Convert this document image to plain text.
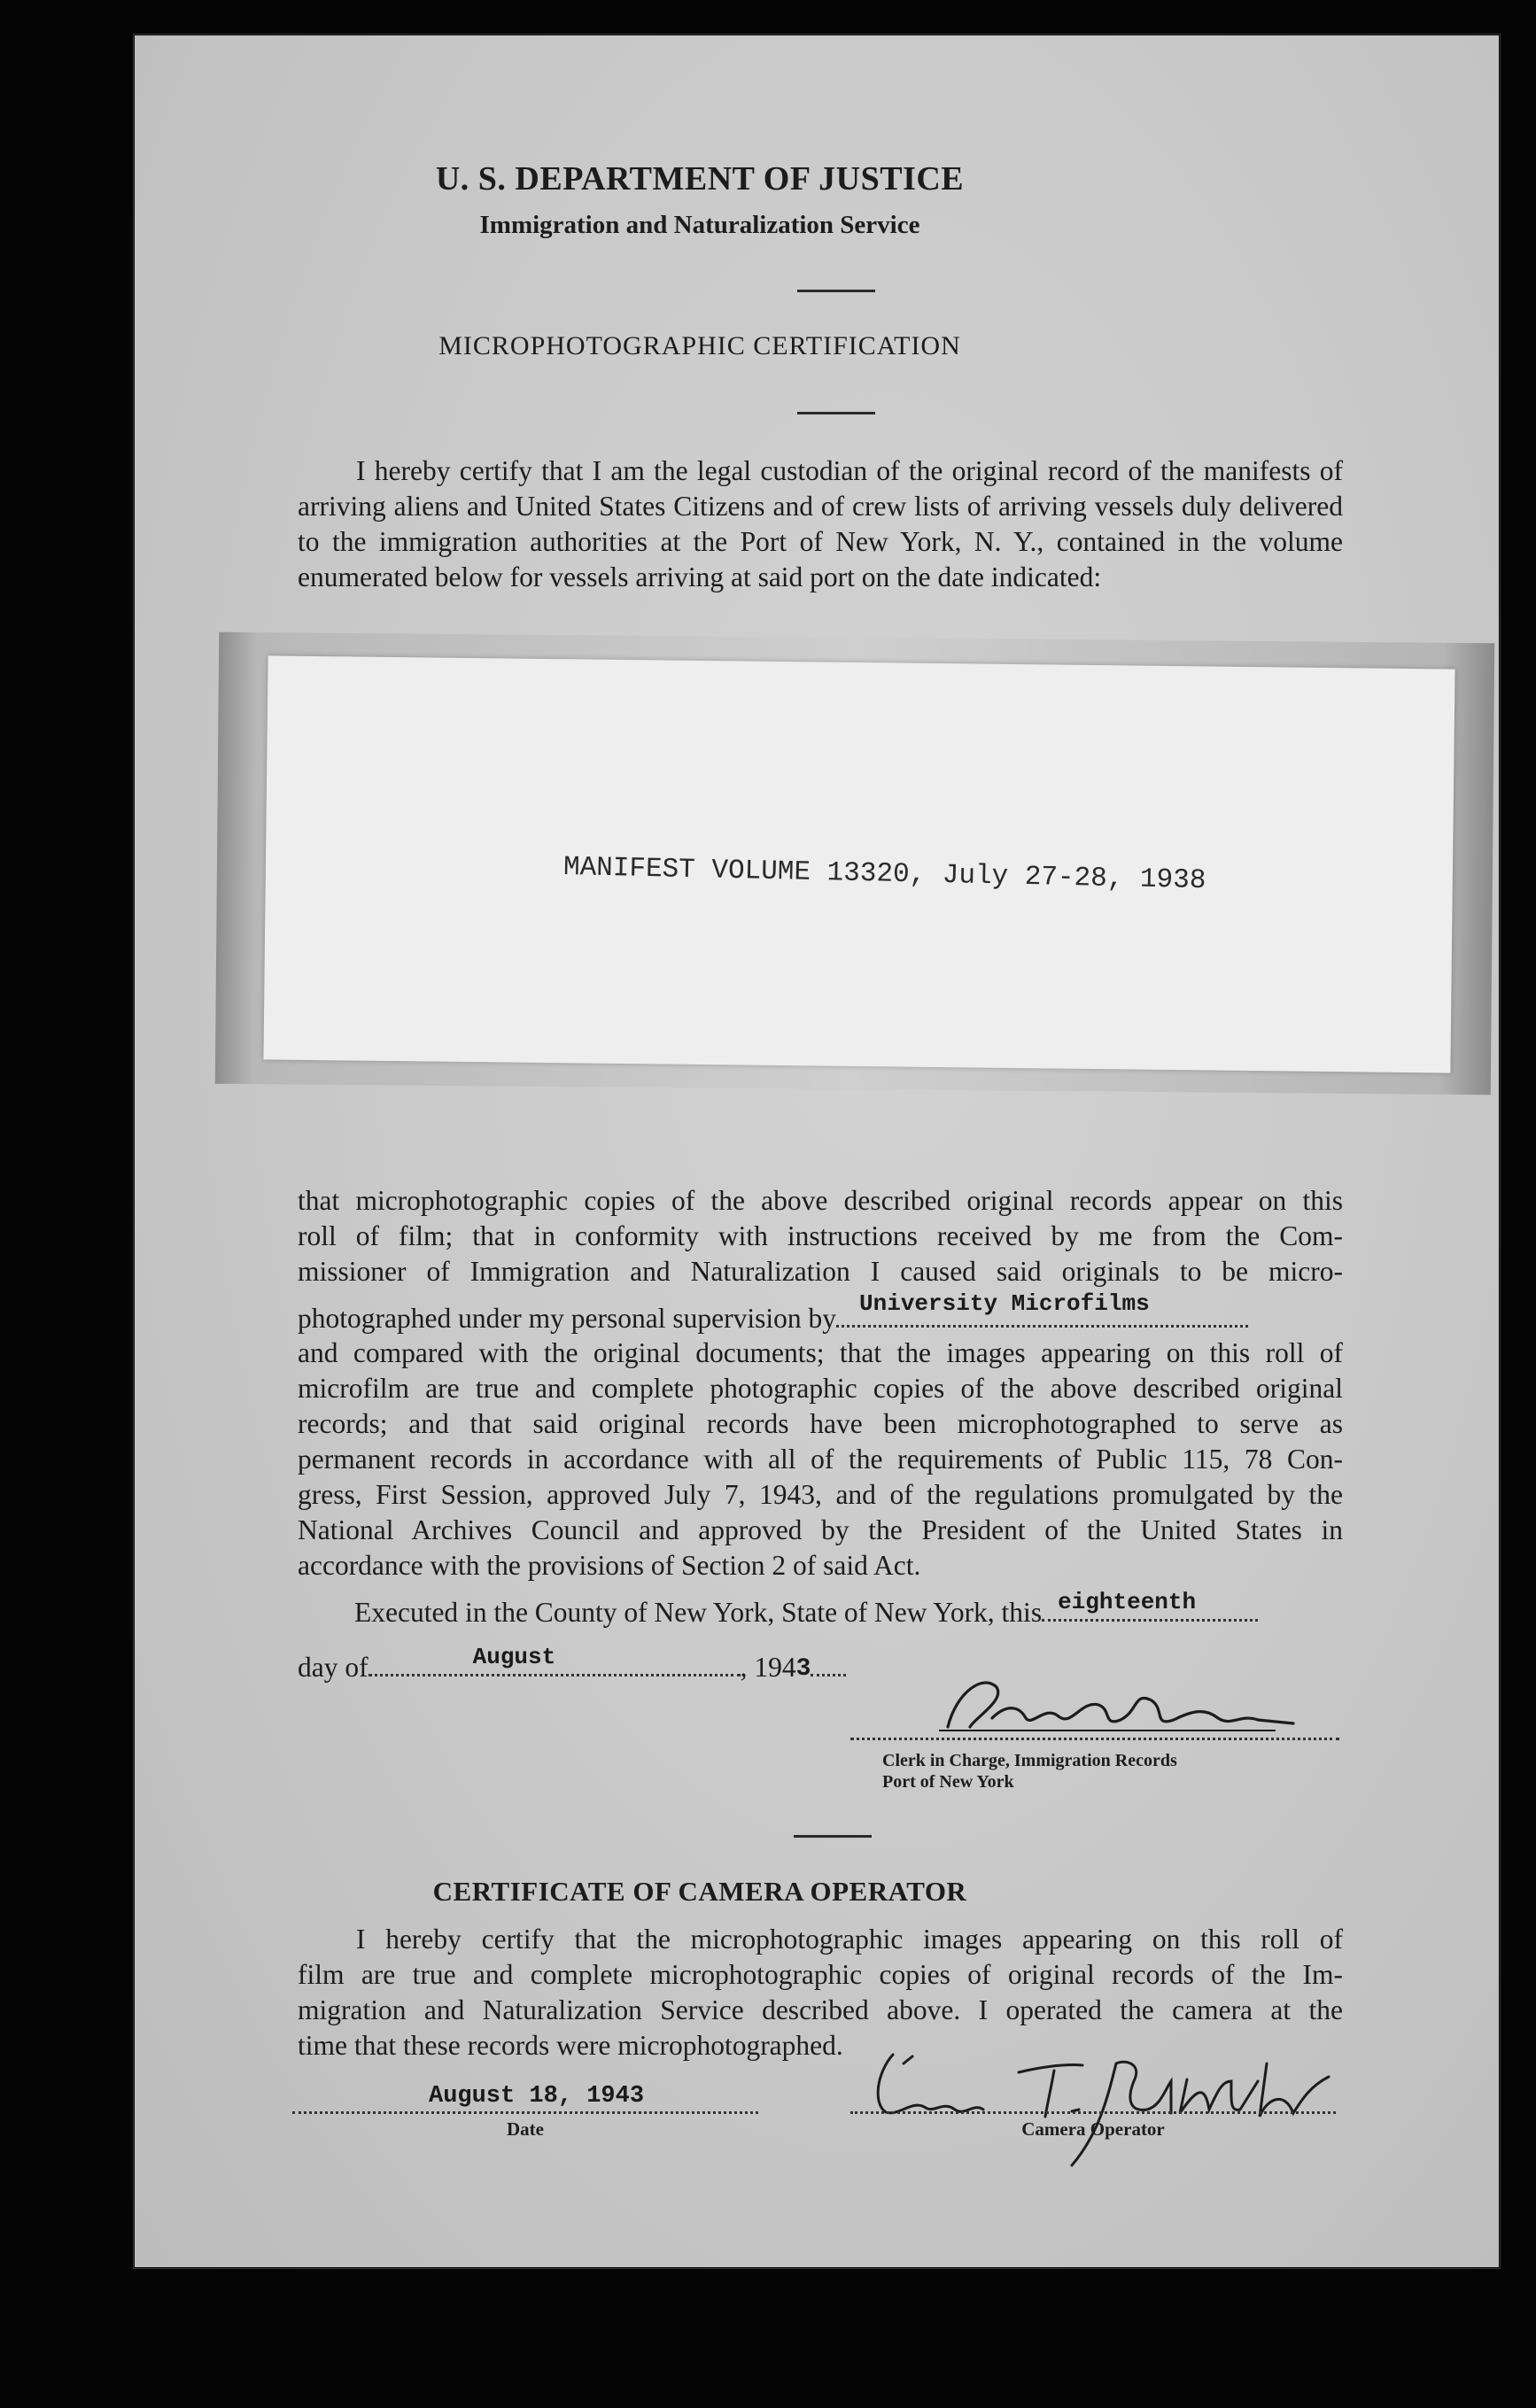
U. S. DEPARTMENT OF JUSTICE
Immigration and Naturalization Service
MICROPHOTOGRAPHIC CERTIFICATION
I hereby certify that I am the legal custodian of the original record of the manifests of arriving aliens and United States Citizens and of crew lists of arriving vessels duly delivered to the immigration authorities at the Port of New York, N. Y., contained in the volume enumerated below for vessels arriving at said port on the date indicated:
MANIFEST VOLUME 13320, July 27-28, 1938
that microphotographic copies of the above described original records appear on this
roll of film; that in conformity with instructions received by me from the Com-
missioner of Immigration and Naturalization I caused said originals to be micro-
photographed under my personal supervision by University Microfilms
and compared with the original documents; that the images appearing on this roll of
microfilm are true and complete photographic copies of the above described original
records; and that said original records have been microphotographed to serve as
permanent records in accordance with all of the requirements of Public 115, 78 Con-
gress, First Session, approved July 7, 1943, and of the regulations promulgated by the
National Archives Council and approved by the President of the United States in
accordance with the provisions of Section 2 of said Act.
Executed in the County of New York, State of New York, this eighteenth
day of	August	, 1943
Clerk in Charge, Immigration Records
Port of New York
CERTIFICATE OF CAMERA OPERATOR
I hereby certify that the microphotographic images appearing on this roll of
film are true and complete microphotographic copies of original records of the Im-
migration and Naturalization Service described above. I operated the camera at the
time that these records were microphotographed.
August 18, 1943
Date	Camera Operator
